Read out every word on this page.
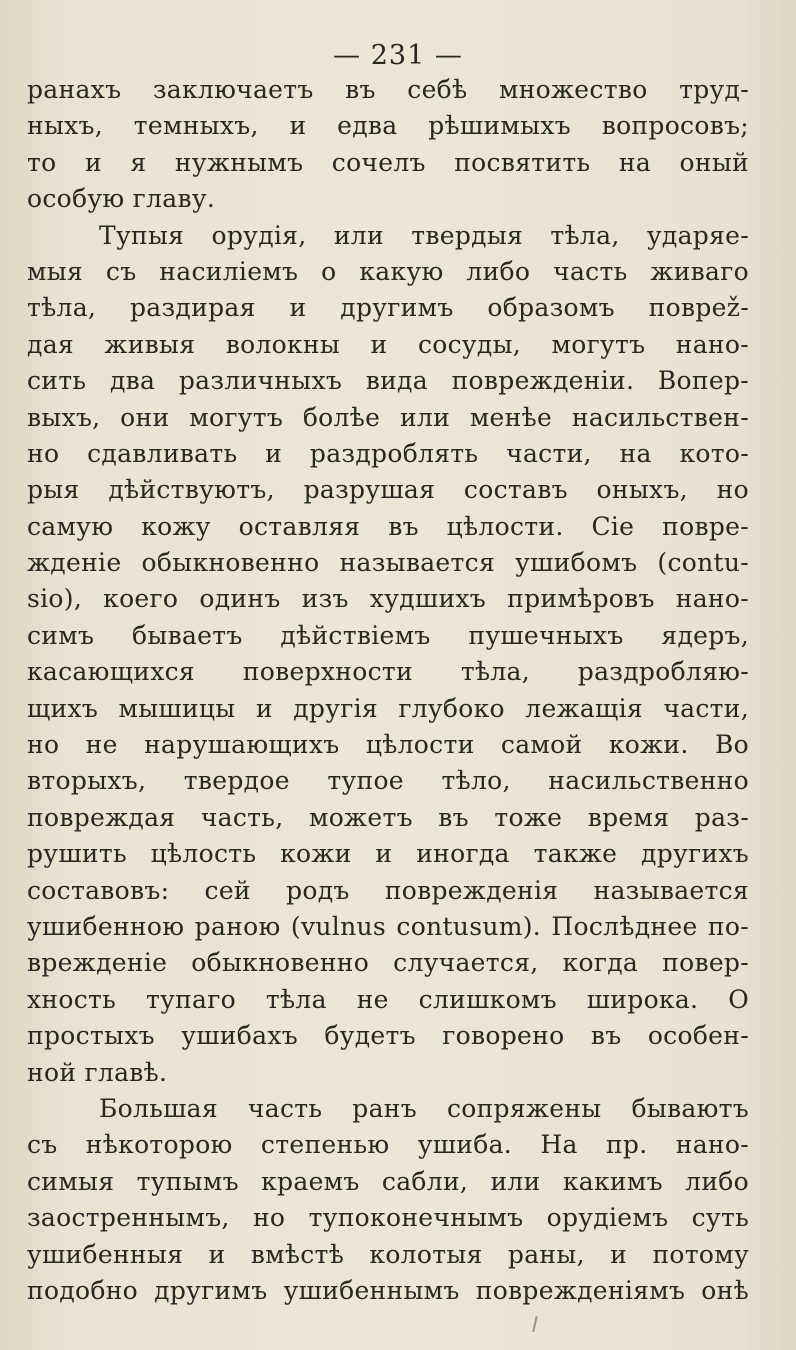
— 231 —
ранахъ заключаетъ въ себѣ множество труд-
ныхъ, темныхъ, и едва рѣшимыхъ вопросовъ;
то и я нужнымъ сочелъ посвятить на оный
особую главу.
Тупыя орудія, или твердыя тѣла, ударяе-
мыя съ насиліемъ о какую либо часть живаго
тѣла, раздирая и другимъ образомъ поврež-
дая живыя волокны и сосуды, могутъ нано-
сить два различныхъ вида поврежденіи. Вопер-
выхъ, они могутъ болѣе или менѣе насильствен-
но сдавливать и раздроблять части, на кото-
рыя дѣйствуютъ, разрушая составъ оныхъ, но
самую кожу оставляя въ цѣлости. Сіе повре-
жденіе обыкновенно называется ушибомъ (contu-
sio), коего одинъ изъ худшихъ примѣровъ нано-
симъ бываетъ дѣйствіемъ пушечныхъ ядеръ,
касающихся поверхности тѣла, раздробляю-
щихъ мышицы и другія глубоко лежащія части,
но не нарушающихъ цѣлости самой кожи. Во
вторыхъ, твердое тупое тѣло, насильственно
повреждая часть, можетъ въ тоже время раз-
рушить цѣлость кожи и иногда также другихъ
составовъ: сей родъ поврежденія называется
ушибенною раною (vulnus contusum). Послѣднее по-
врежденіе обыкновенно случается, когда повер-
хность тупаго тѣла не слишкомъ широка. О
простыхъ ушибахъ будетъ говорено въ особен-
ной главѣ.
Большая часть ранъ сопряжены бываютъ
съ нѣкоторою степенью ушиба. На пр. нано-
симыя тупымъ краемъ сабли, или какимъ либо
заостреннымъ, но тупоконечнымъ орудіемъ суть
ушибенныя и вмѣстѣ колотыя раны, и потому
подобно другимъ ушибеннымъ поврежденіямъ онѣ
